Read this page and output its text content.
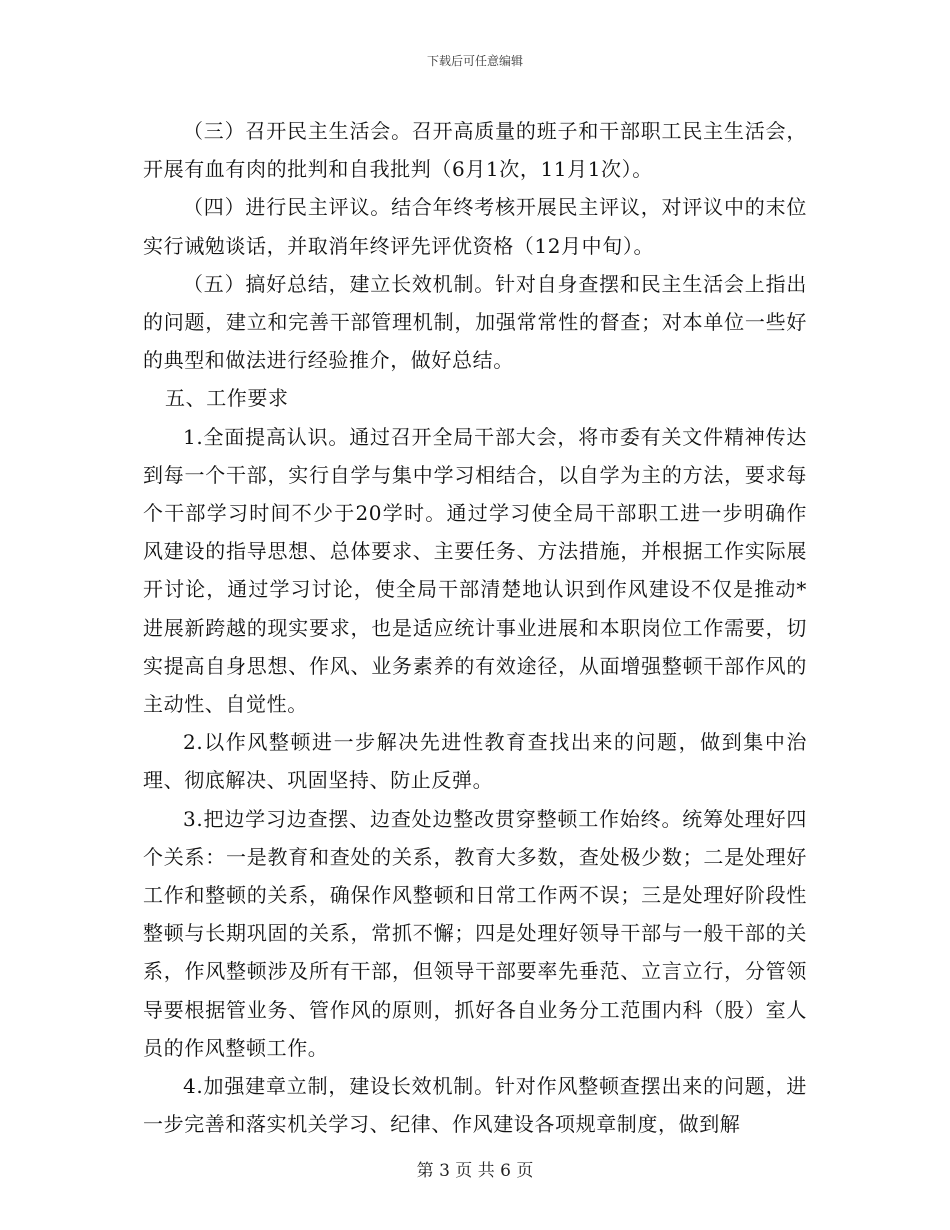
下载后可任意编辑

（三）召开民主生活会。召开高质量的班子和干部职工民主生活会，开展有血有肉的批判和自我批判（6月1次，11月1次）。

（四）进行民主评议。结合年终考核开展民主评议，对评议中的末位实行诫勉谈话，并取消年终评先评优资格（12月中旬）。

（五）搞好总结，建立长效机制。针对自身查摆和民主生活会上指出的问题，建立和完善干部管理机制，加强常常性的督查；对本单位一些好的典型和做法进行经验推介，做好总结。

五、工作要求

1.全面提高认识。通过召开全局干部大会，将市委有关文件精神传达到每一个干部，实行自学与集中学习相结合，以自学为主的方法，要求每个干部学习时间不少于20学时。通过学习使全局干部职工进一步明确作风建设的指导思想、总体要求、主要任务、方法措施，并根据工作实际展开讨论，通过学习讨论，使全局干部清楚地认识到作风建设不仅是推动*进展新跨越的现实要求，也是适应统计事业进展和本职岗位工作需要，切实提高自身思想、作风、业务素养的有效途径，从面增强整顿干部作风的主动性、自觉性。

2.以作风整顿进一步解决先进性教育查找出来的问题，做到集中治理、彻底解决、巩固坚持、防止反弹。

3.把边学习边查摆、边查处边整改贯穿整顿工作始终。统筹处理好四个关系：一是教育和查处的关系，教育大多数，查处极少数；二是处理好工作和整顿的关系，确保作风整顿和日常工作两不误；三是处理好阶段性整顿与长期巩固的关系，常抓不懈；四是处理好领导干部与一般干部的关系，作风整顿涉及所有干部，但领导干部要率先垂范、立言立行，分管领导要根据管业务、管作风的原则，抓好各自业务分工范围内科（股）室人员的作风整顿工作。

4.加强建章立制，建设长效机制。针对作风整顿查摆出来的问题，进一步完善和落实机关学习、纪律、作风建设各项规章制度，做到解

第 3 页 共 6 页
